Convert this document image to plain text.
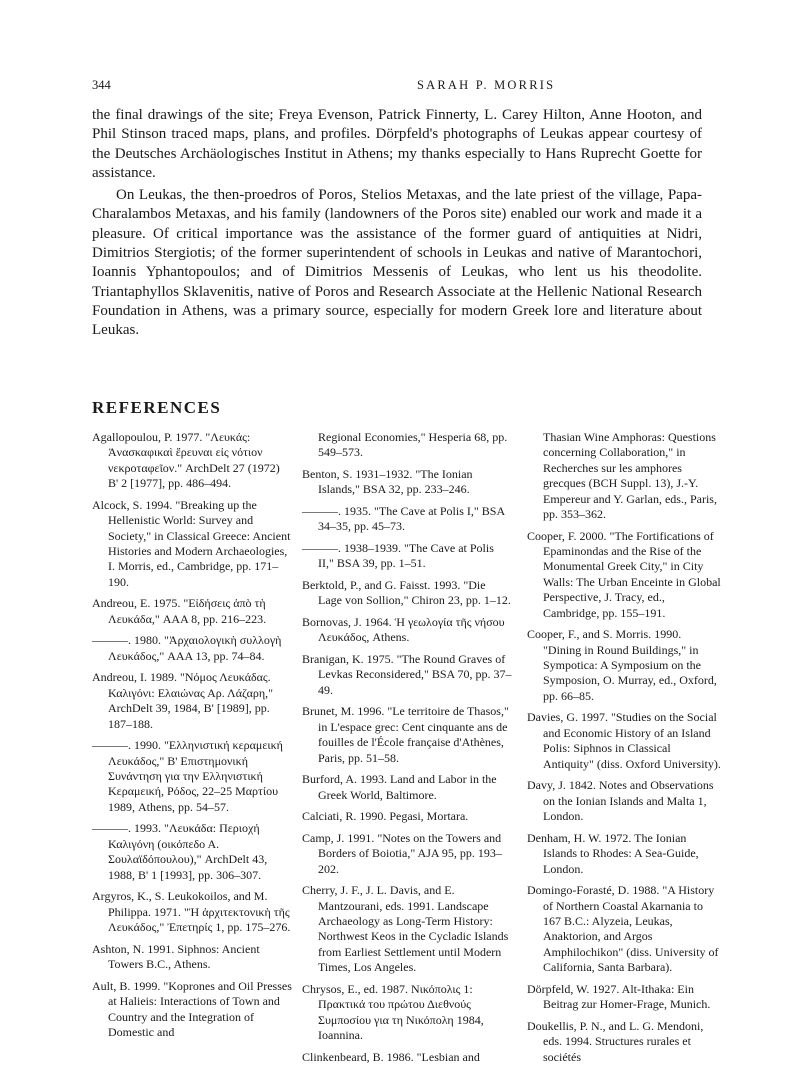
344	SARAH P. MORRIS

the final drawings of the site; Freya Evenson, Patrick Finnerty, L. Carey Hilton, Anne Hooton, and Phil Stinson traced maps, plans, and profiles. Dörpfeld's photographs of Leukas appear courtesy of the Deutsches Archäologisches Institut in Athens; my thanks especially to Hans Ruprecht Goette for assistance.

On Leukas, the then-proedros of Poros, Stelios Metaxas, and the late priest of the village, Papa-Charalambos Metaxas, and his family (landowners of the Poros site) enabled our work and made it a pleasure. Of critical importance was the assistance of the former guard of antiquities at Nidri, Dimitrios Stergiotis; of the former superintendent of schools in Leukas and native of Marantochori, Ioannis Yphantopoulos; and of Dimitrios Messenis of Leukas, who lent us his theodolite. Triantaphyllos Sklavenitis, native of Poros and Research Associate at the Hellenic National Research Foundation in Athens, was a primary source, especially for modern Greek lore and literature about Leukas.

REFERENCES
Agallopoulou, P. 1977. "Λευκάς: Ἀνασκαφικαὶ ἔρευναι εἰς νότιον νεκροταφεῖον." ArchDelt 27 (1972) Β' 2 [1977], pp. 486–494.
Alcock, S. 1994. "Breaking up the Hellenistic World: Survey and Society," in Classical Greece: Ancient Histories and Modern Archaeologies, I. Morris, ed., Cambridge, pp. 171–190.
Andreou, E. 1975. "Εἰδήσεις ἀπὸ τὴ Λευκάδα," AAA 8, pp. 216–223.
———. 1980. "Ἀρχαιολογικὴ συλλογὴ Λευκάδος," AAA 13, pp. 74–84.
Andreou, I. 1989. "Νόμος Λευκάδας. Καλιγόνι: Ελαιώνας Αρ. Λάζαρη," ArchDelt 39, 1984, Β' [1989], pp. 187–188.
———. 1990. "Ελληνιστική κεραμεική Λευκάδος," Β' Επιστημονική Συνάντηση για την Ελληνιστική Κεραμεική, Ρόδος, 22–25 Μαρτίου 1989, Athens, pp. 54–57.
———. 1993. "Λευκάδα: Περιοχή Καλιγόνη (οικόπεδο Α. Σουλαϊδόπουλου)," ArchDelt 43, 1988, Β' 1 [1993], pp. 306–307.
Argyros, K., S. Leukokoilos, and M. Philippa. 1971. "Ἡ ἀρχιτεκτονικὴ τῆς Λευκάδος," Ἐπετηρίς 1, pp. 175–276.
Ashton, N. 1991. Siphnos: Ancient Towers B.C., Athens.
Ault, B. 1999. "Koprones and Oil Presses at Halieis: Interactions of Town and Country and the Integration of Domestic and
Regional Economies," Hesperia 68, pp. 549–573.
Benton, S. 1931–1932. "The Ionian Islands," BSA 32, pp. 233–246.
———. 1935. "The Cave at Polis I," BSA 34–35, pp. 45–73.
———. 1938–1939. "The Cave at Polis II," BSA 39, pp. 1–51.
Berktold, P., and G. Faisst. 1993. "Die Lage von Sollion," Chiron 23, pp. 1–12.
Bornovas, J. 1964. Ἡ γεωλογία τῆς νήσου Λευκάδος, Athens.
Branigan, K. 1975. "The Round Graves of Levkas Reconsidered," BSA 70, pp. 37–49.
Brunet, M. 1996. "Le territoire de Thasos," in L'espace grec: Cent cinquante ans de fouilles de l'École française d'Athènes, Paris, pp. 51–58.
Burford, A. 1993. Land and Labor in the Greek World, Baltimore.
Calciati, R. 1990. Pegasi, Mortara.
Camp, J. 1991. "Notes on the Towers and Borders of Boiotia," AJA 95, pp. 193–202.
Cherry, J. F., J. L. Davis, and E. Mantzourani, eds. 1991. Landscape Archaeology as Long-Term History: Northwest Keos in the Cycladic Islands from Earliest Settlement until Modern Times, Los Angeles.
Chrysos, E., ed. 1987. Νικόπολις 1: Πρακτικά του πρώτου Διεθνούς Συμποσίου για τη Νικόπολη 1984, Ioannina.
Clinkenbeard, B. 1986. "Lesbian and
Thasian Wine Amphoras: Questions concerning Collaboration," in Recherches sur les amphores grecques (BCH Suppl. 13), J.-Y. Empereur and Y. Garlan, eds., Paris, pp. 353–362.
Cooper, F. 2000. "The Fortifications of Epaminondas and the Rise of the Monumental Greek City," in City Walls: The Urban Enceinte in Global Perspective, J. Tracy, ed., Cambridge, pp. 155–191.
Cooper, F., and S. Morris. 1990. "Dining in Round Buildings," in Sympotica: A Symposium on the Symposion, O. Murray, ed., Oxford, pp. 66–85.
Davies, G. 1997. "Studies on the Social and Economic History of an Island Polis: Siphnos in Classical Antiquity" (diss. Oxford University).
Davy, J. 1842. Notes and Observations on the Ionian Islands and Malta 1, London.
Denham, H. W. 1972. The Ionian Islands to Rhodes: A Sea-Guide, London.
Domingo-Forasté, D. 1988. "A History of Northern Coastal Akarnania to 167 B.C.: Alyzeia, Leukas, Anaktorion, and Argos Amphilochikon" (diss. University of California, Santa Barbara).
Dörpfeld, W. 1927. Alt-Ithaka: Ein Beitrag zur Homer-Frage, Munich.
Doukellis, P. N., and L. G. Mendoni, eds. 1994. Structures rurales et sociétés
